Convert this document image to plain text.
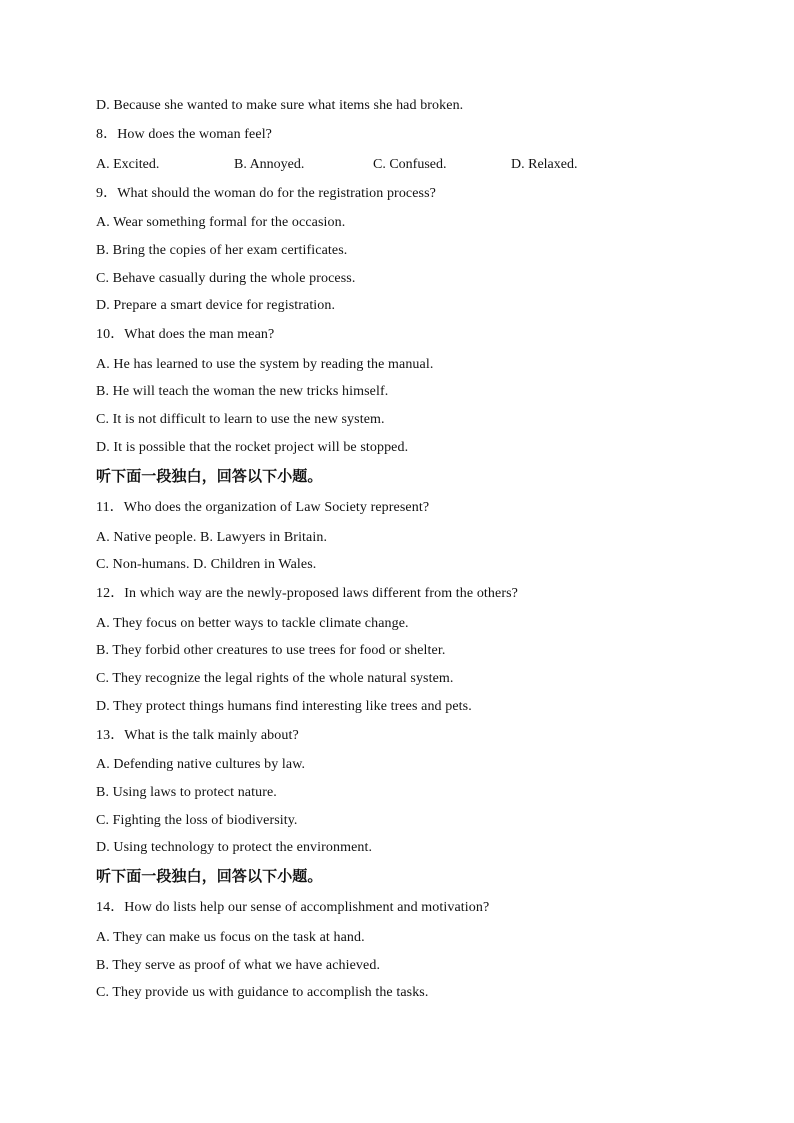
D. Because she wanted to make sure what items she had broken.
8．How does the woman feel?
A. Excited.	B. Annoyed.	C. Confused.	D. Relaxed.
9．What should the woman do for the registration process?
A. Wear something formal for the occasion.
B. Bring the copies of her exam certificates.
C. Behave casually during the whole process.
D. Prepare a smart device for registration.
10．What does the man mean?
A. He has learned to use the system by reading the manual.
B. He will teach the woman the new tricks himself.
C. It is not difficult to learn to use the new system.
D. It is possible that the rocket project will be stopped.
听下面一段独白，回答以下小题。
11．Who does the organization of Law Society represent?
A. Native people. B. Lawyers in Britain.
C. Non-humans. D. Children in Wales.
12．In which way are the newly-proposed laws different from the others?
A. They focus on better ways to tackle climate change.
B. They forbid other creatures to use trees for food or shelter.
C. They recognize the legal rights of the whole natural system.
D. They protect things humans find interesting like trees and pets.
13．What is the talk mainly about?
A. Defending native cultures by law.
B. Using laws to protect nature.
C. Fighting the loss of biodiversity.
D. Using technology to protect the environment.
听下面一段独白，回答以下小题。
14．How do lists help our sense of accomplishment and motivation?
A. They can make us focus on the task at hand.
B. They serve as proof of what we have achieved.
C. They provide us with guidance to accomplish the tasks.
